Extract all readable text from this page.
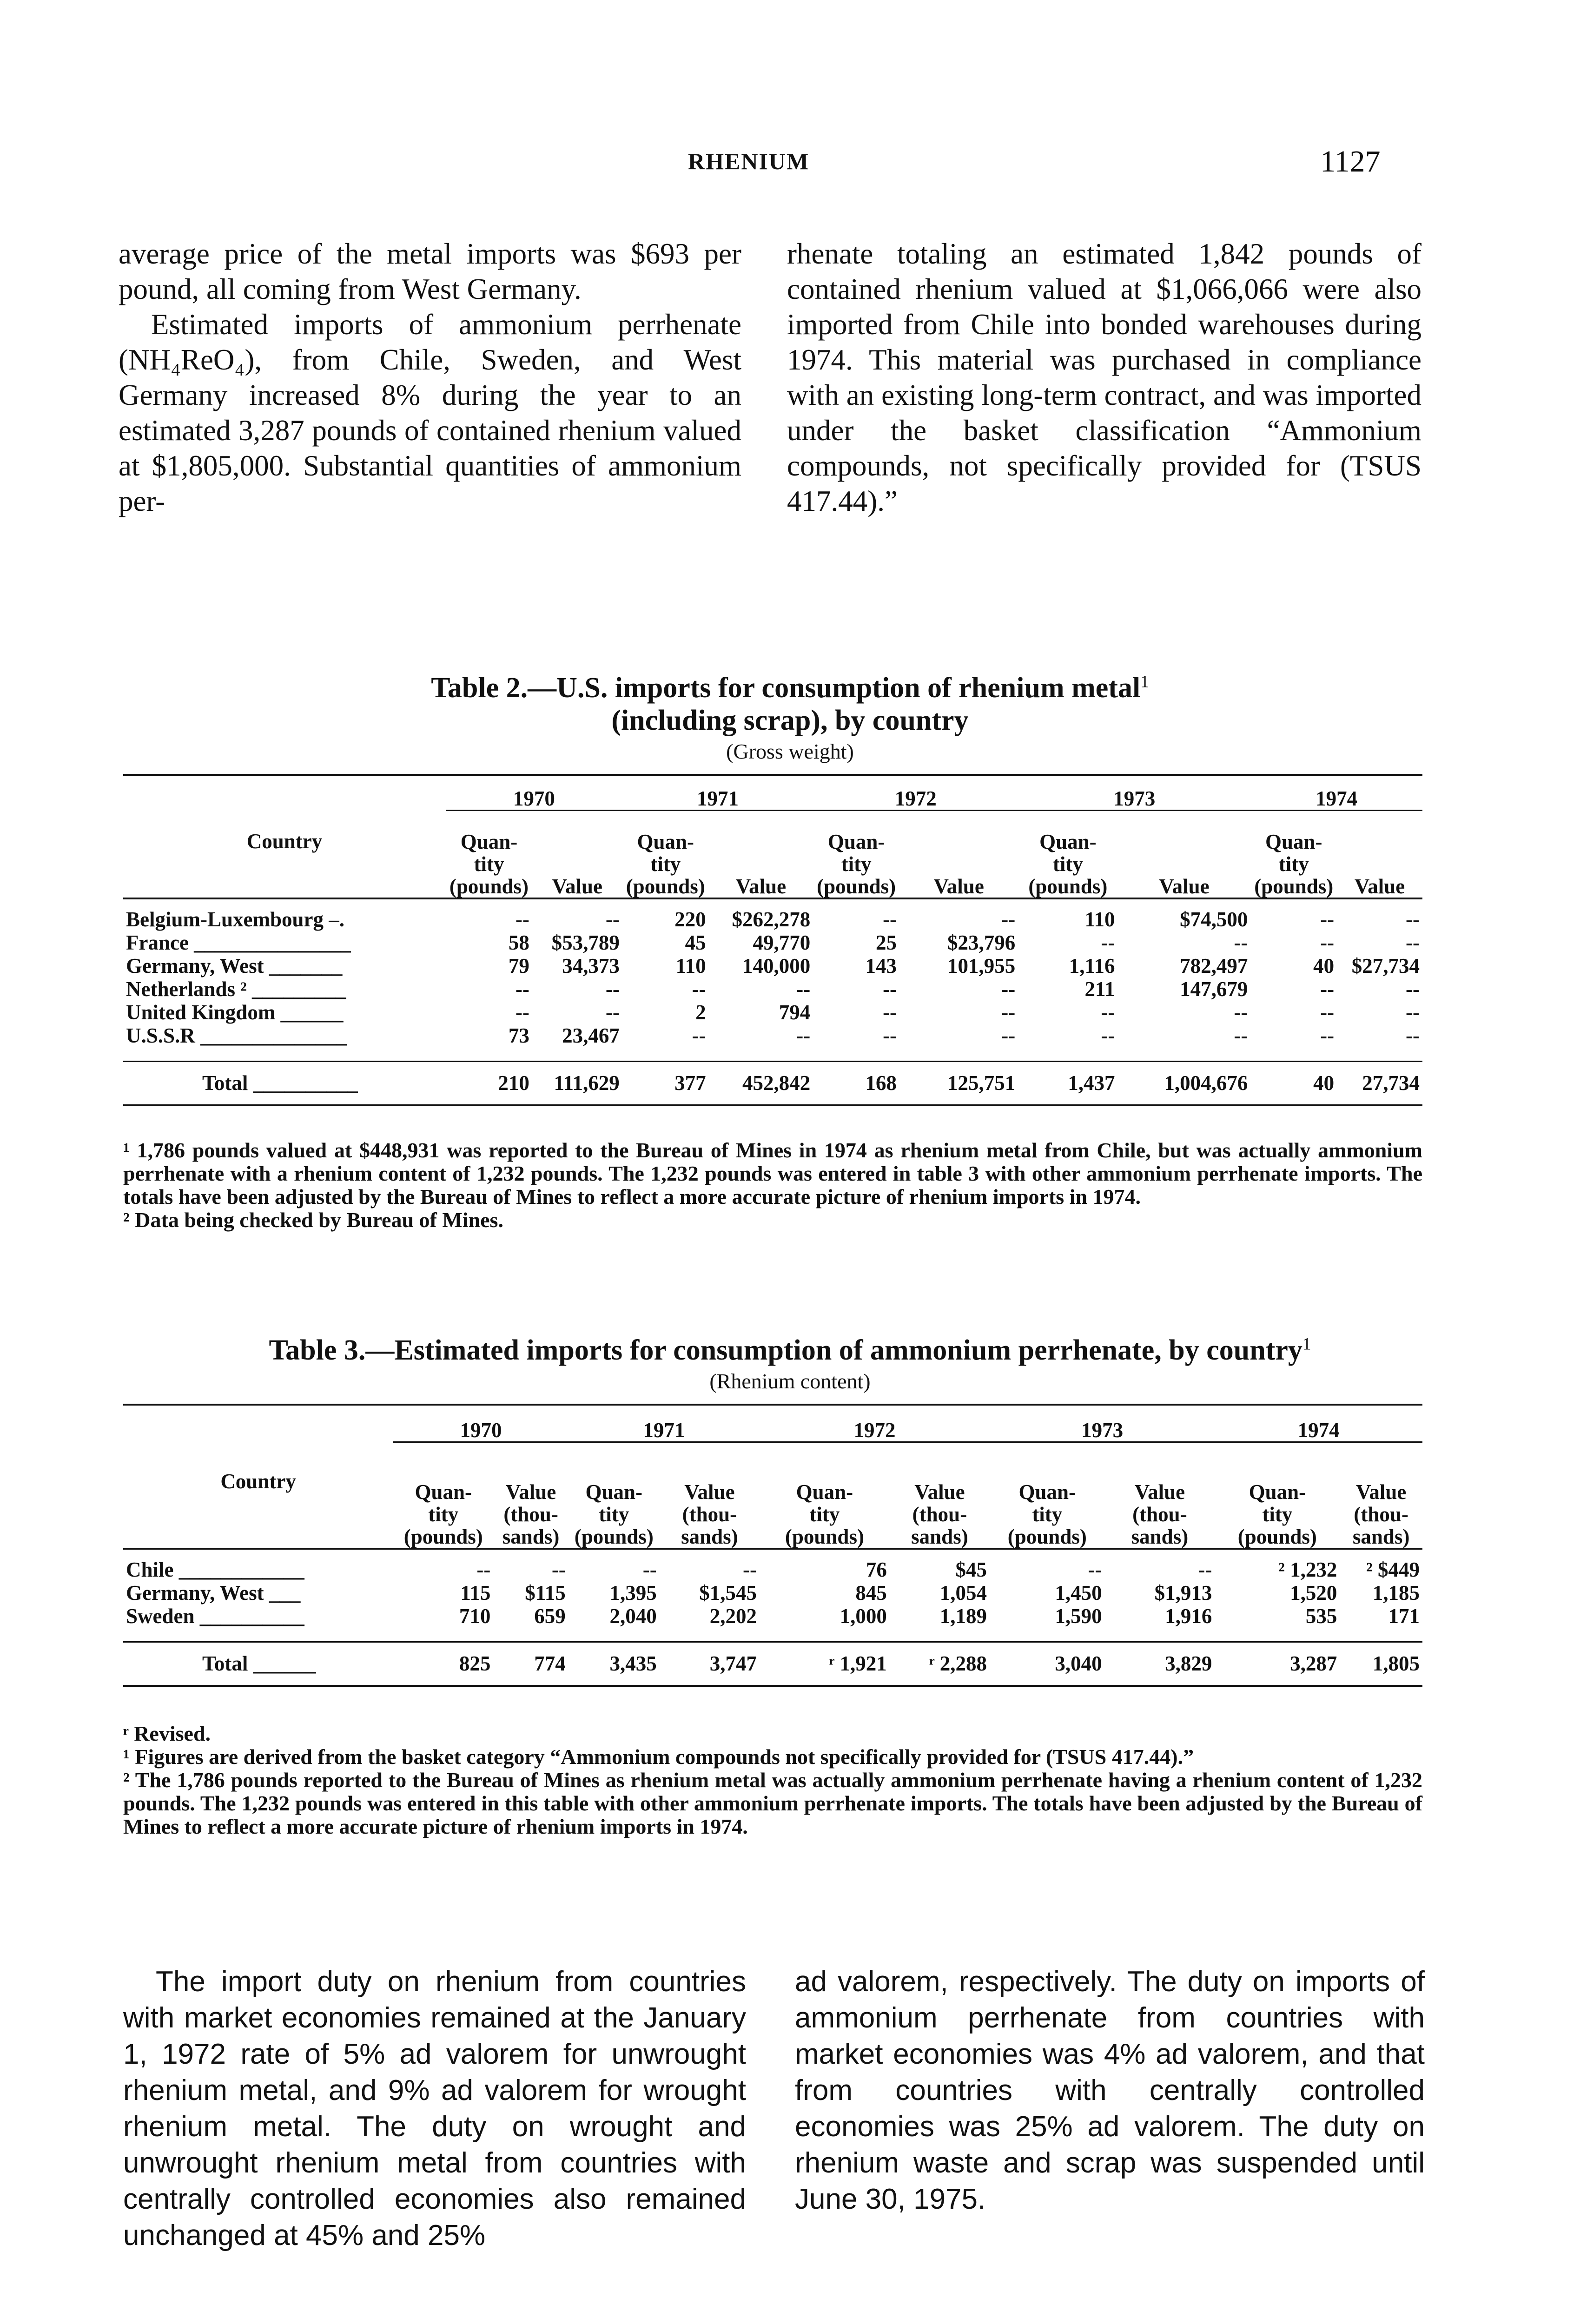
RHENIUM	1127

average price of the metal imports was $693 per pound, all coming from West Germany.

Estimated imports of ammonium perrhenate (NH₄ReO₄), from Chile, Sweden, and West Germany increased 8% during the year to an estimated 3,287 pounds of contained rhenium valued at $1,805,000. Substantial quantities of ammonium per-

rhenate totaling an estimated 1,842 pounds of contained rhenium valued at $1,066,066 were also imported from Chile into bonded warehouses during 1974. This material was purchased in compliance with an existing long-term contract, and was imported under the basket classification “Ammonium compounds, not specifically provided for (TSUS 417.44).”

Table 2.—U.S. imports for consumption of rhenium metal$^1$
(including scrap), by country
(Gross weight)
Country	1970		1971		1972		1973		1974	
	Quan-
tity
(pounds)	Value	Quan-
tity
(pounds)	Value	Quan-
tity
(pounds)	Value	Quan-
tity
(pounds)	Value	Quan-
tity
(pounds)	Value

Belgium-Luxembourg –.	--	--	220	$262,278	--	--	110	$74,500	--	--
France _______________	58	$53,789	45	49,770	25	$23,796	--	--	--	--
Germany, West _______	79	34,373	110	140,000	143	101,955	1,116	782,497	40	$27,734
Netherlands ² _________	--	--	--	--	--	--	211	147,679	--	--
United Kingdom ______	--	--	2	794	--	--	--	--	--	--
U.S.S.R ______________	73	23,467	--	--	--	--	--	--	--	--

Total __________	210	111,629	377	452,842	168	125,751	1,437	1,004,676	40	27,734

¹ 1,786 pounds valued at $448,931 was reported to the Bureau of Mines in 1974 as rhenium metal from Chile, but was actually ammonium perrhenate with a rhenium content of 1,232 pounds. The 1,232 pounds was entered in table 3 with other ammonium perrhenate imports. The totals have been adjusted by the Bureau of Mines to reflect a more accurate picture of rhenium imports in 1974.

² Data being checked by Bureau of Mines.

Table 3.—Estimated imports for consumption of ammonium perrhenate, by country$^1$
(Rhenium content)
Country	1970		1971		1972		1973		1974	
	Quan-
tity
(pounds)	Value
(thou-
sands)	Quan-
tity
(pounds)	Value
(thou-
sands)	Quan-
tity
(pounds)	Value
(thou-
sands)	Quan-
tity
(pounds)	Value
(thou-
sands)	Quan-
tity
(pounds)	Value
(thou-
sands)

Chile ____________	--	--	--	--	76	$45	--	--	² 1,232	² $449
Germany, West ___	115	$115	1,395	$1,545	845	1,054	1,450	$1,913	1,520	1,185
Sweden __________	710	659	2,040	2,202	1,000	1,189	1,590	1,916	535	171

Total ______	825	774	3,435	3,747	ʳ 1,921	ʳ 2,288	3,040	3,829	3,287	1,805

ʳ Revised.

¹ Figures are derived from the basket category “Ammonium compounds not specifically provided for (TSUS 417.44).”

² The 1,786 pounds reported to the Bureau of Mines as rhenium metal was actually ammonium perrhenate having a rhenium content of 1,232 pounds. The 1,232 pounds was entered in this table with other ammonium perrhenate imports. The totals have been adjusted by the Bureau of Mines to reflect a more accurate picture of rhenium imports in 1974.

The import duty on rhenium from countries with market economies remained at the January 1, 1972 rate of 5% ad valorem for unwrought rhenium metal, and 9% ad valorem for wrought rhenium metal. The duty on wrought and unwrought rhenium metal from countries with centrally controlled economies also remained unchanged at 45% and 25%

ad valorem, respectively. The duty on imports of ammonium perrhenate from countries with market economies was 4% ad valorem, and that from countries with centrally controlled economies was 25% ad valorem. The duty on rhenium waste and scrap was suspended until June 30, 1975.
